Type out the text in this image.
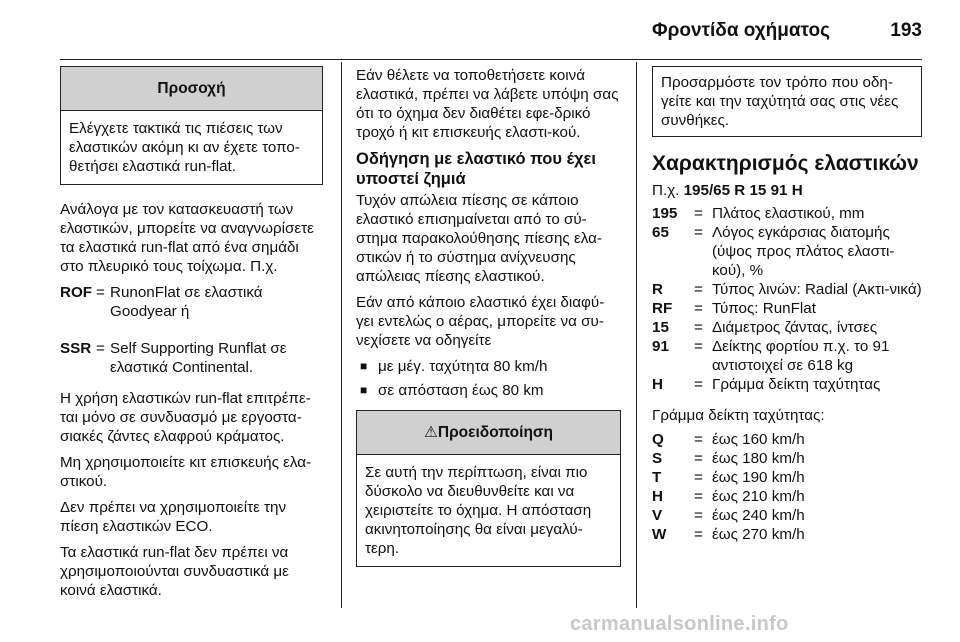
Φροντίδα οχήματος	193
Προσοχή
Ελέγχετε τακτικά τις πιέσεις των ελαστικών ακόμη κι αν έχετε τοπο-θετήσει ελαστικά run-flat.

Ανάλογα με τον κατασκευαστή των ελαστικών, μπορείτε να αναγνωρίσετε τα ελαστικά run-flat από ένα σημάδι στο πλευρικό τους τοίχωμα. Π.χ.

ROF = RunonFlat σε ελαστικά Goodyear ή
SSR = Self Supporting Runflat σε ελαστικά Continental.

Η χρήση ελαστικών run-flat επιτρέπε-ται μόνο σε συνδυασμό με εργοστα-σιακές ζάντες ελαφρού κράματος.

Μη χρησιμοποιείτε κιτ επισκευής ελα-στικού.

Δεν πρέπει να χρησιμοποιείτε την πίεση ελαστικών ECO.

Τα ελαστικά run-flat δεν πρέπει να χρησιμοποιούνται συνδυαστικά με κοινά ελαστικά.

Εάν θέλετε να τοποθετήσετε κοινά ελαστικά, πρέπει να λάβετε υπόψη σας ότι το όχημα δεν διαθέτει εφε-δρικό τροχό ή κιτ επισκευής ελαστι-κού.

Οδήγηση με ελαστικό που έχει υποστεί ζημιά

Τυχόν απώλεια πίεσης σε κάποιο ελαστικό επισημαίνεται από το σύ-στημα παρακολούθησης πίεσης ελα-στικών ή το σύστημα ανίχνευσης απώλειας πίεσης ελαστικού.

Εάν από κάποιο ελαστικό έχει διαφύ-γει εντελώς ο αέρας, μπορείτε να συ-νεχίσετε να οδηγείτε

■ με μέγ. ταχύτητα 80 km/h
■ σε απόσταση έως 80 km
⚠Προειδοποίηση
Σε αυτή την περίπτωση, είναι πιο δύσκολο να διευθυνθείτε και να χειριστείτε το όχημα. Η απόσταση ακινητοποίησης θα είναι μεγαλύ-τερη.
Προσαρμόστε τον τρόπο που οδη-γείτε και την ταχύτητά σας στις νέες συνθήκες.
Χαρακτηρισμός ελαστικών

Π.χ. 195/65 R 15 91 H

195	= Πλάτος ελαστικού, mm
65	= Λόγος εγκάρσιας διατομής (ύψος προς πλάτος ελαστι-κού), %
R	= Τύπος λινών: Radial (Ακτι-νικά)
RF	= Τύπος: RunFlat
15	= Διάμετρος ζάντας, ίντσες
91	= Δείκτης φορτίου π.χ. το 91 αντιστοιχεί σε 618 kg
H	= Γράμμα δείκτη ταχύτητας

Γράμμα δείκτη ταχύτητας:

Q	= έως 160 km/h
S	= έως 180 km/h
T	= έως 190 km/h
H	= έως 210 km/h
V	= έως 240 km/h
W	= έως 270 km/h
carmanualsonline.info
